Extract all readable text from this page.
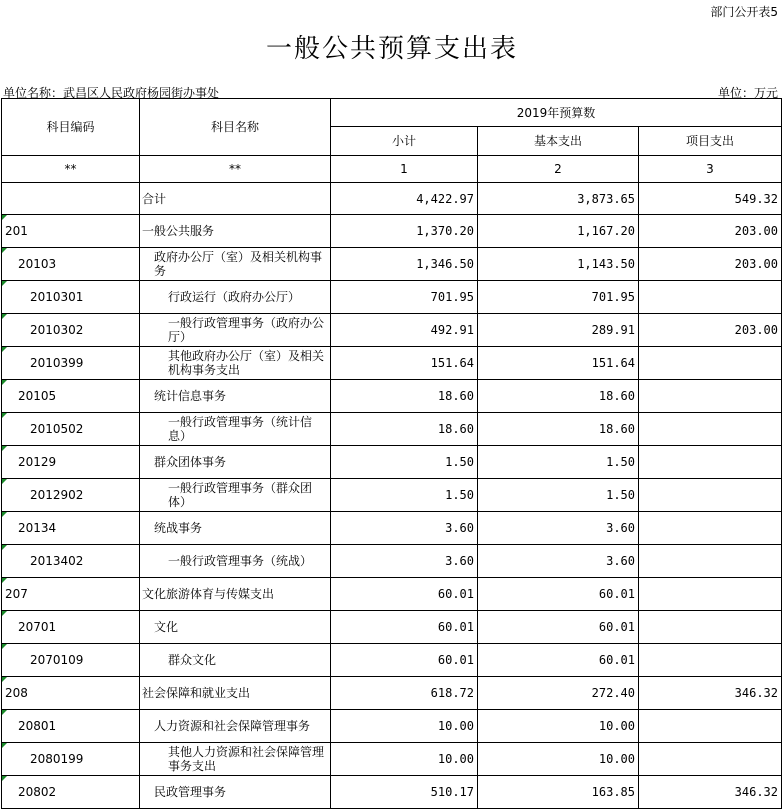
部门公开表5
一般公共预算支出表
单位名称：武昌区人民政府杨园街办事处	单位：万元
科目编码	科目名称	2019年预算数		
		小计	基本支出	项目支出
**	**	1	2	3
	合计	4,422.97	3,873.65	549.32

201	一般公共服务	1,370.20	1,167.20	203.00

20103	政府办公厅（室）及相关机构事务	1,346.50	1,143.50	203.00

2010301	行政运行（政府办公厅）	701.95	701.95	

2010302	一般行政管理事务（政府办公厅）	492.91	289.91	203.00

2010399	其他政府办公厅（室）及相关机构事务支出	151.64	151.64	

20105	统计信息事务	18.60	18.60	

2010502	一般行政管理事务（统计信息）	18.60	18.60	

20129	群众团体事务	1.50	1.50	

2012902	一般行政管理事务（群众团体）	1.50	1.50	

20134	统战事务	3.60	3.60	

2013402	一般行政管理事务（统战）	3.60	3.60	

207	文化旅游体育与传媒支出	60.01	60.01	

20701	文化	60.01	60.01	

2070109	群众文化	60.01	60.01	

208	社会保障和就业支出	618.72	272.40	346.32

20801	人力资源和社会保障管理事务	10.00	10.00	

2080199	其他人力资源和社会保障管理事务支出	10.00	10.00	

20802	民政管理事务	510.17	163.85	346.32
